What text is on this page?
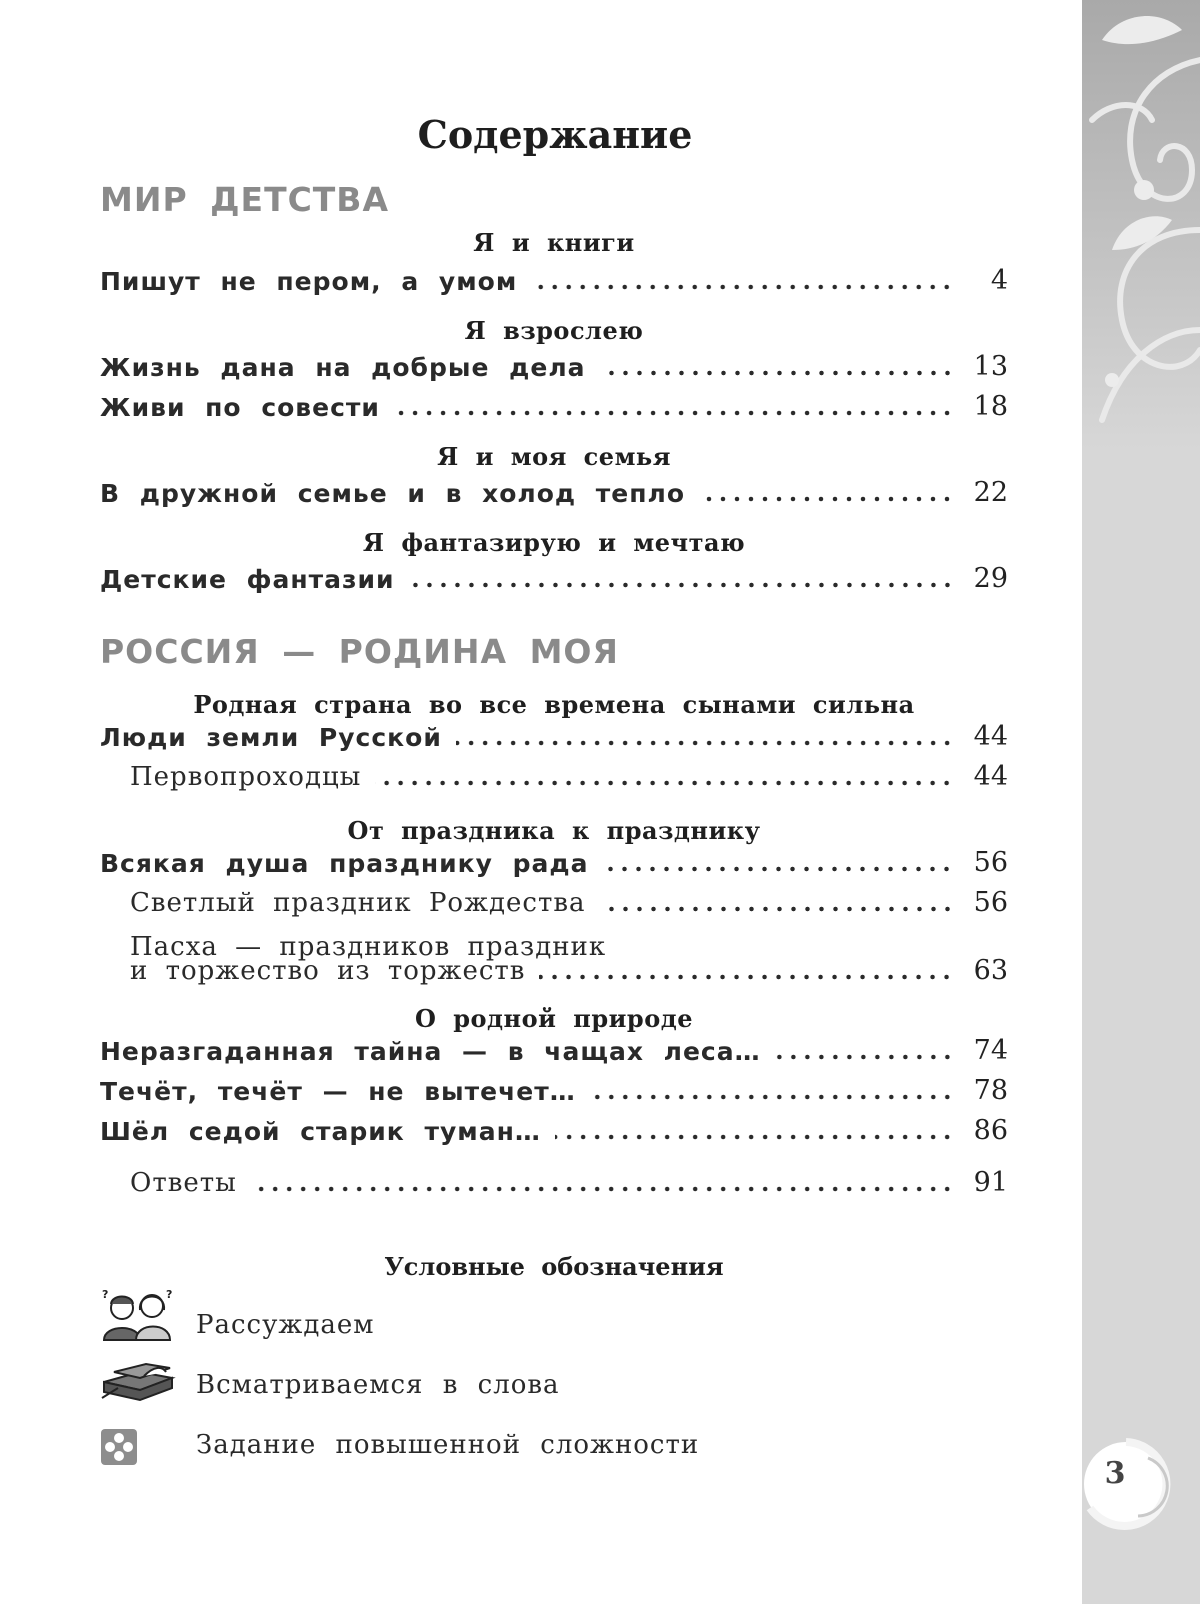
3
Содержание
МИР ДЕТСТВА
Я и книги
Пишут не пером, а умом	4
Я взрослею
Жизнь дана на добрые дела	13
Живи по совести	18
Я и моя семья
В дружной семье и в холод тепло	22
Я фантазирую и мечтаю
Детские фантазии	29
РОССИЯ — РОДИНА МОЯ
Родная страна во все времена сынами сильна
Люди земли Русской	44
Первопроходцы	44
От праздника к празднику
Всякая душа празднику рада	56
Светлый праздник Рождества	56
Пасха — праздников праздник
и торжество из торжеств	63
О родной природе
Неразгаданная тайна — в чащах леса…	74
Течёт, течёт — не вытечет…	78
Шёл седой старик туман…	86
Ответы	91
Условные обозначения
?	?
Рассуждаем
Всматриваемся в слова
Задание повышенной сложности
